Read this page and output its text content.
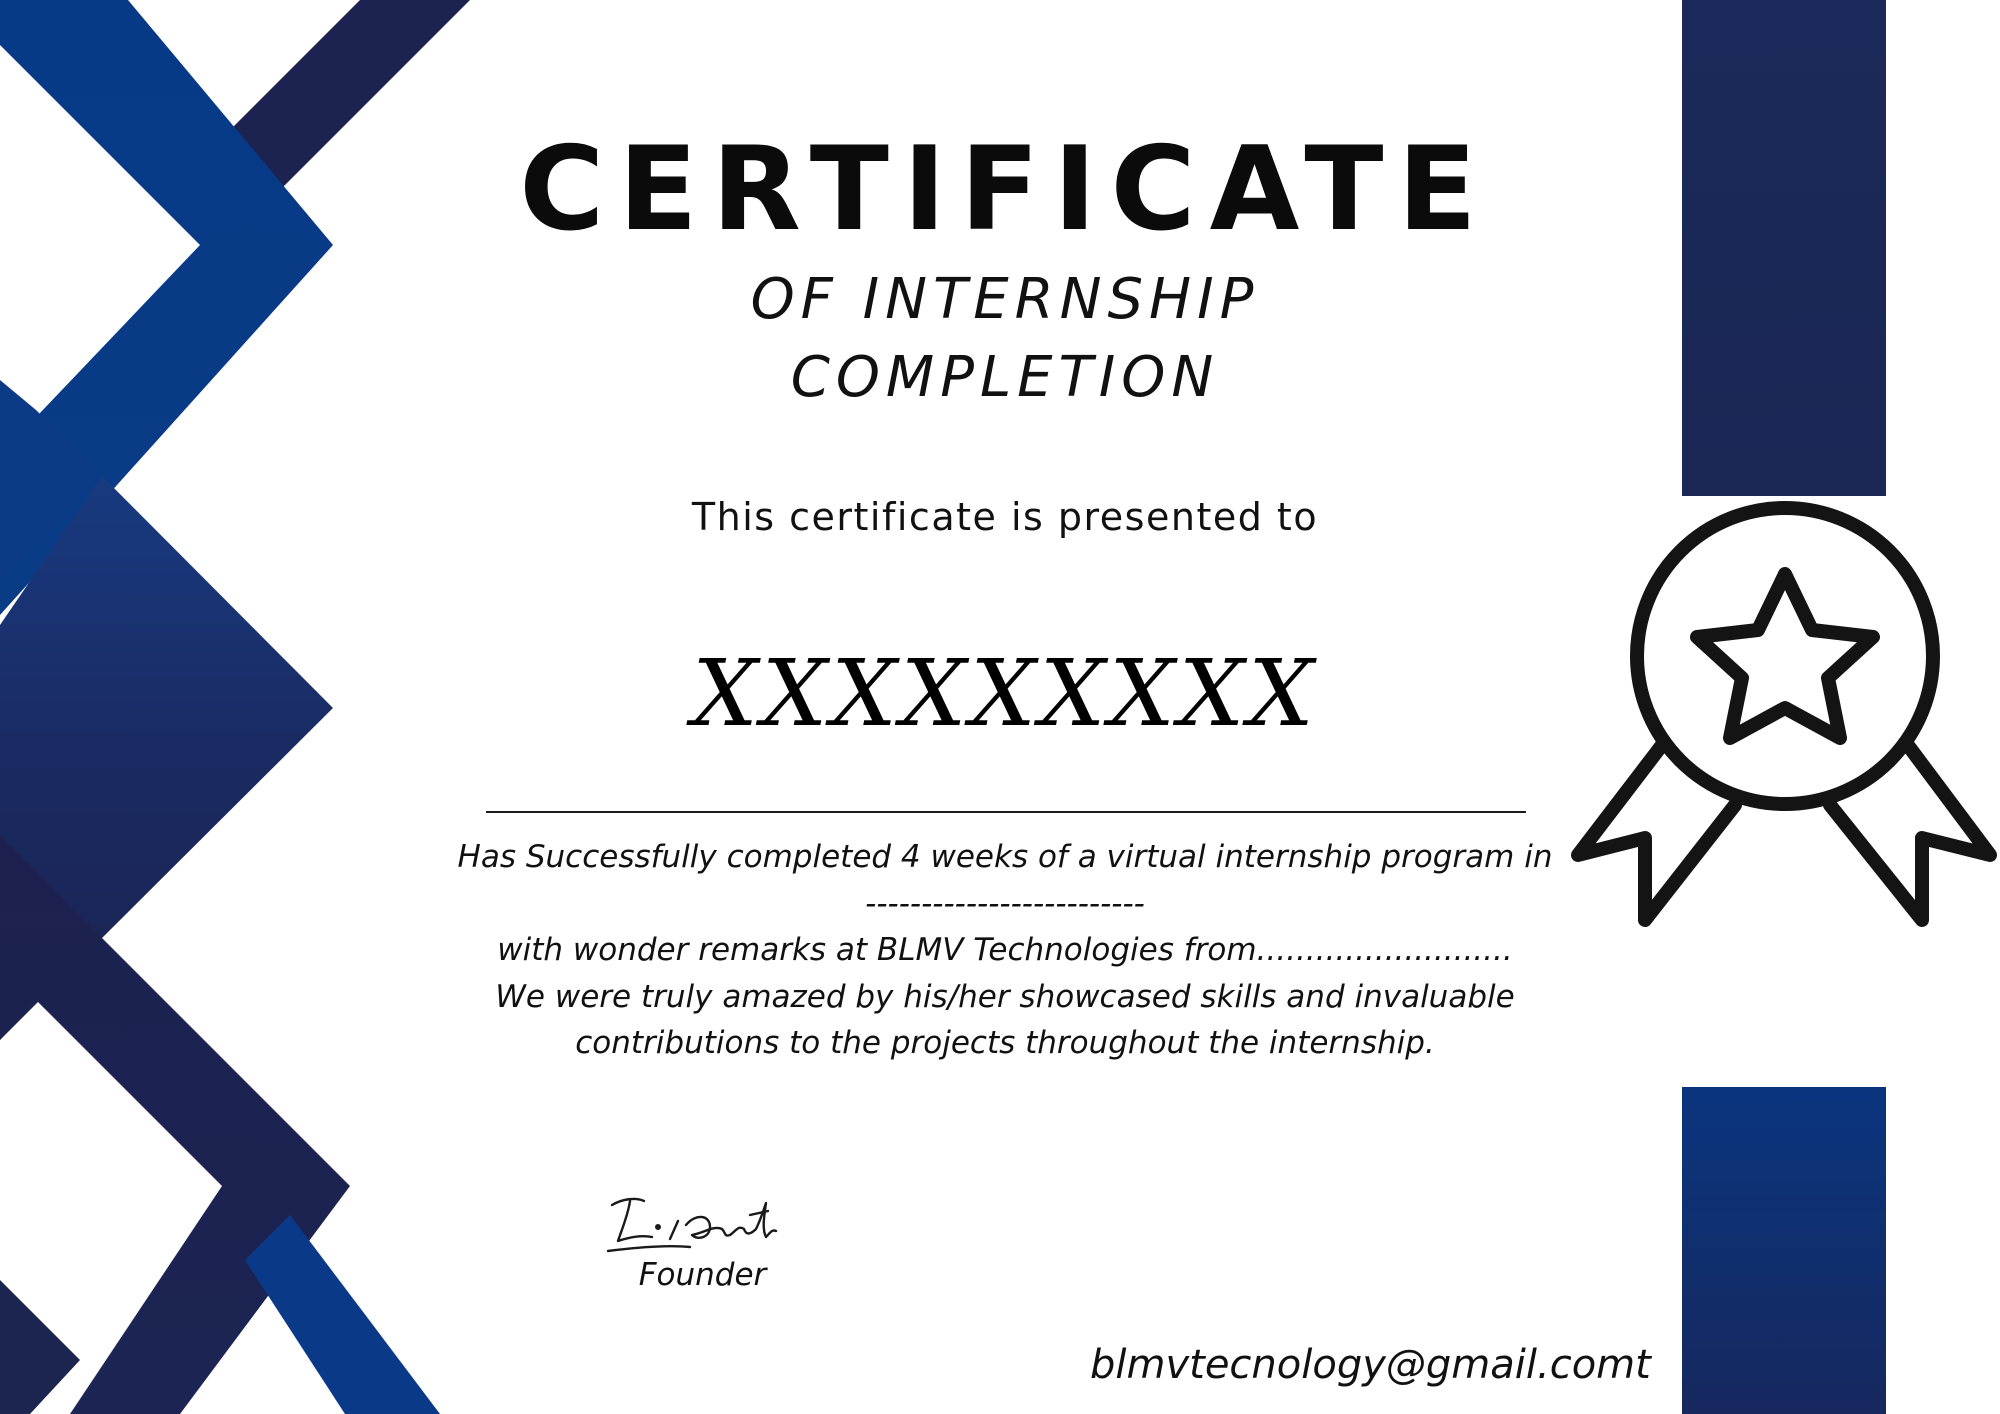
CERTIFICATE
OF INTERNSHIP
COMPLETION
This certificate is presented to
XXXXXXXXX
Has Successfully completed 4 weeks of a virtual internship program in
-------------------------
with wonder remarks at BLMV Technologies from..........................
We were truly amazed by his/her showcased skills and invaluable
contributions to the projects throughout the internship.
Founder
blmvtecnology@gmail.comt
